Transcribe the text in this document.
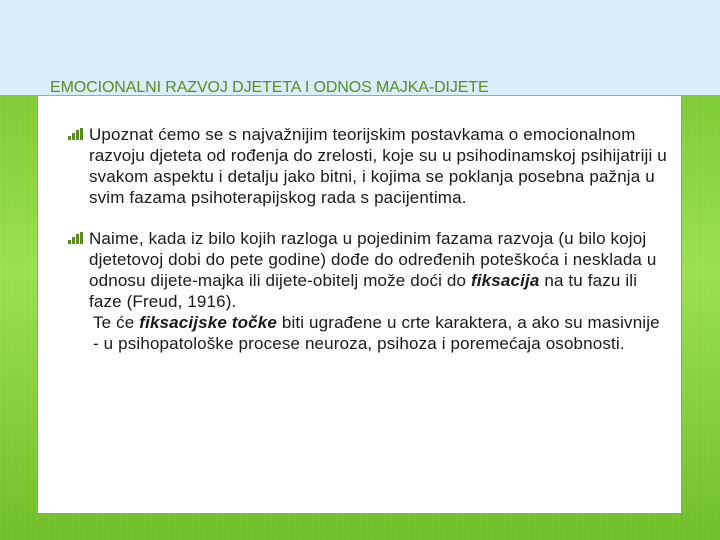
EMOCIONALNI RAZVOJ DJETETA I ODNOS MAJKA-DIJETE
Upoznat ćemo se s najvažnijim teorijskim postavkama o emocionalnom razvoju djeteta od rođenja do zrelosti, koje su u psihodinamskoj psihijatriji u svakom aspektu i detalju jako bitni, i kojima se poklanja posebna pažnja u svim fazama psihoterapijskog rada s pacijentima.
Naime, kada iz bilo kojih razloga u pojedinim fazama razvoja (u bilo kojoj djetetovoj dobi do pete godine) dođe do određenih poteškoća i nesklada u odnosu dijete-majka ili dijete-obitelj može doći do fiksacija na tu fazu ili faze (Freud, 1916).
Te će fiksacijske točke biti ugrađene u crte karaktera, a ako su masivnije - u psihopatološke procese neuroza, psihoza i poremećaja osobnosti.
